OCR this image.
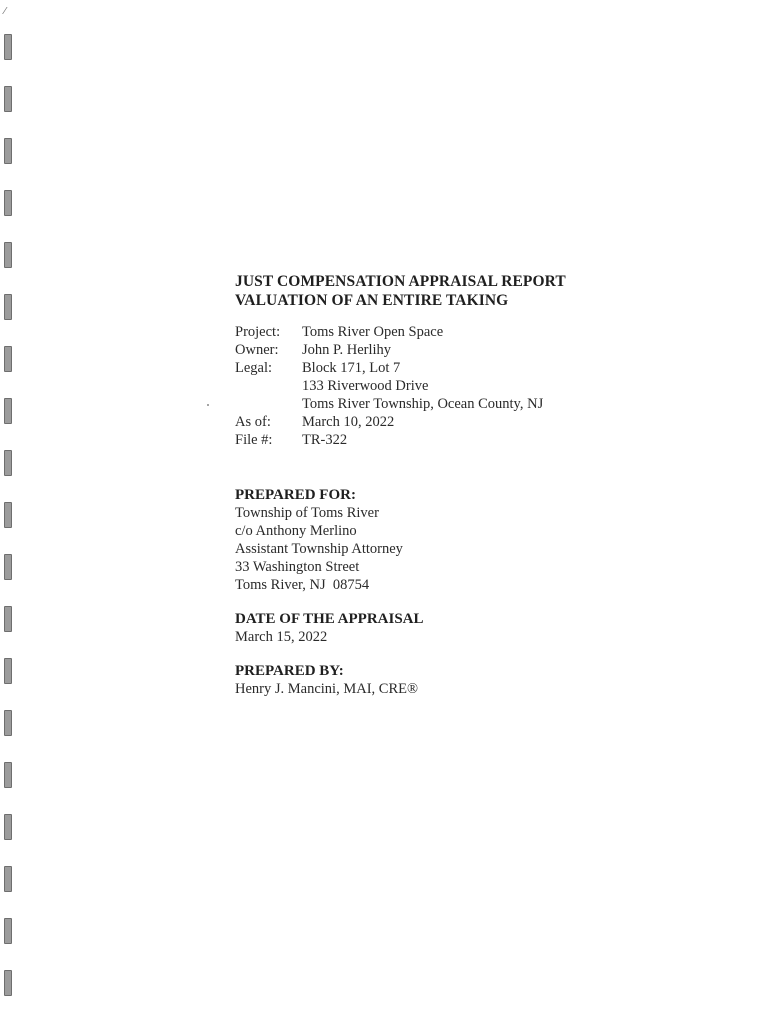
⁄
JUST COMPENSATION APPRAISAL REPORT
VALUATION OF AN ENTIRE TAKING
Project:	Toms River Open Space
Owner:	John P. Herlihy
Legal:	Block 171, Lot 7
	133 Riverwood Drive
	Toms River Township, Ocean County, NJ
As of:	March 10, 2022
File #:	TR-322
PREPARED FOR:
Township of Toms River
c/o Anthony Merlino
Assistant Township Attorney
33 Washington Street
Toms River, NJ  08754
DATE OF THE APPRAISAL
March 15, 2022
PREPARED BY:
Henry J. Mancini, MAI, CRE®
